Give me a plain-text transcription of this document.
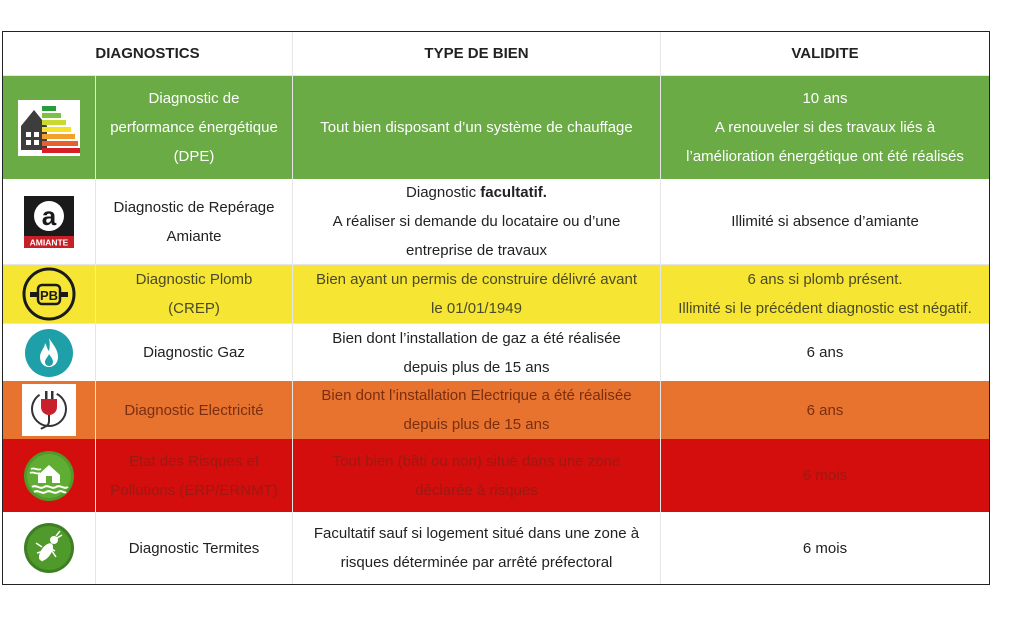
DIAGNOSTICS	TYPE DE BIEN	VALIDITE
Diagnostic de
performance énergétique
(DPE)
Tout bien disposant d’un système de chauffage
10 ans
A renouveler si des travaux liés à
l’amélioration énergétique ont été réalisés
a
AMIANTE
Diagnostic de Repérage
Amiante
Diagnostic facultatif.
A réaliser si demande du locataire ou d’une
entreprise de travaux
Illimité si absence d’amiante
PB
Diagnostic Plomb
(CREP)
Bien ayant un permis de construire délivré avant
le 01/01/1949
6 ans si plomb présent.
Illimité si le précédent diagnostic est négatif.
Diagnostic Gaz
Bien dont l’installation de gaz a été réalisée
depuis plus de 15 ans
6 ans
Diagnostic Electricité
Bien dont l’installation Electrique a été réalisée
depuis plus de 15 ans
6 ans
Etat des Risques et
Pollutions (ERP/ERNMT)
Tout bien (bâti ou non) situé dans une zone
déclarée à risques
6 mois
Diagnostic Termites
Facultatif sauf si logement situé dans une zone à
risques déterminée par arrêté préfectoral
6 mois
